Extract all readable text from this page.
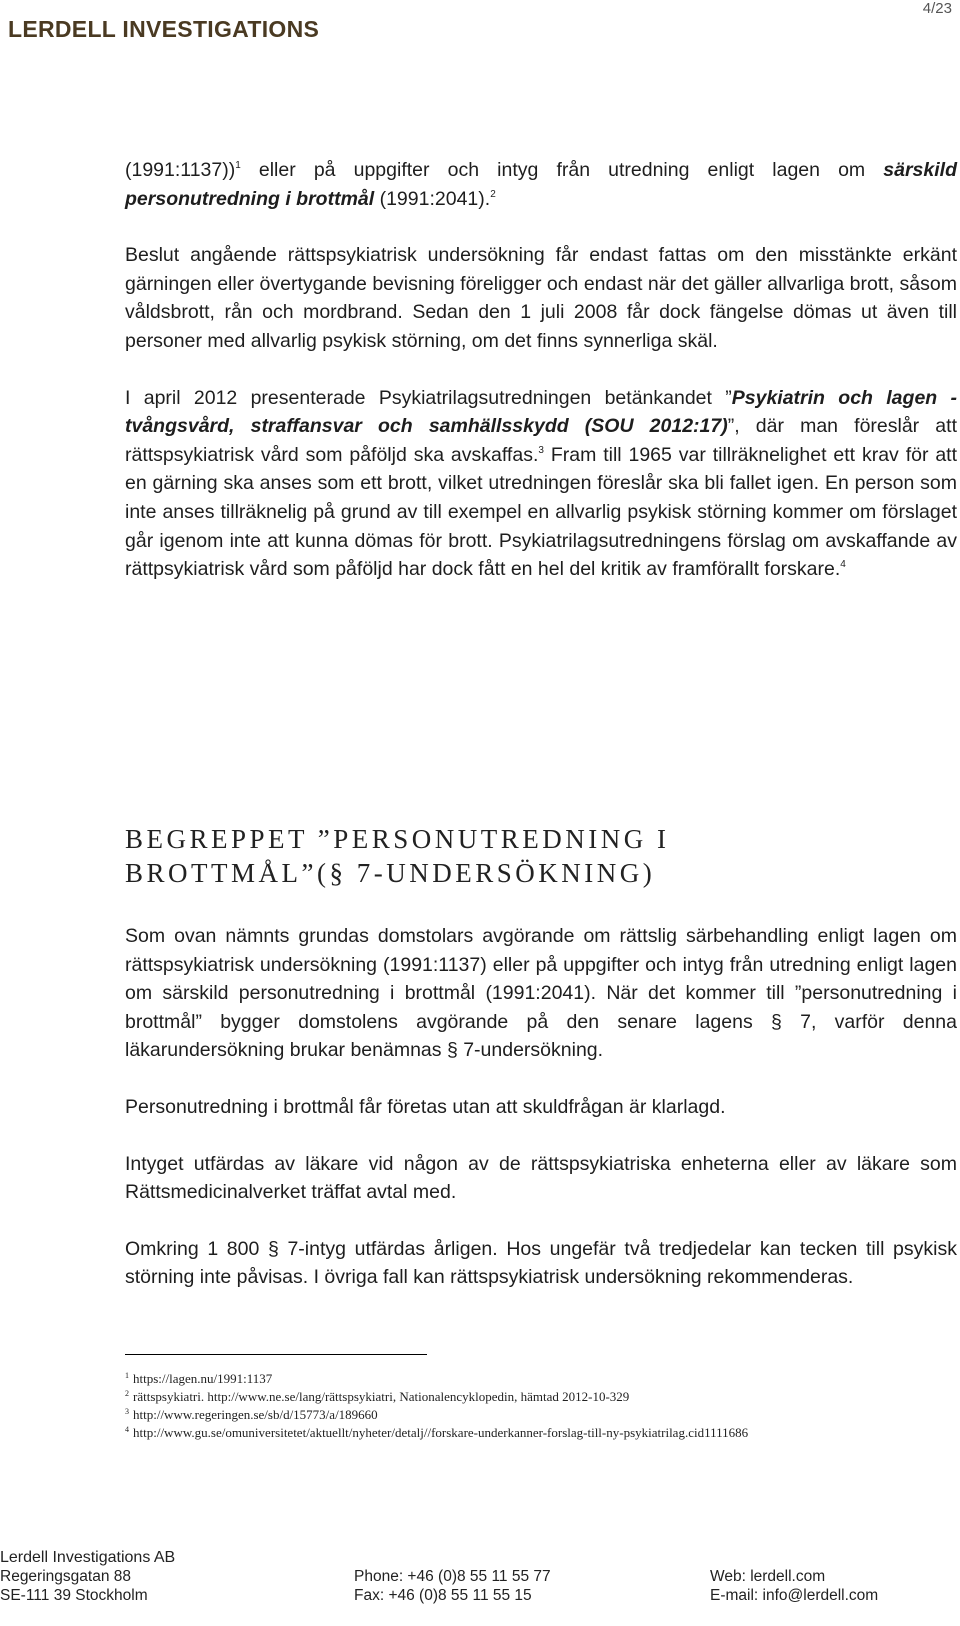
LERDELL INVESTIGATIONS
4/23

(1991:1137))$^1$ eller på uppgifter och intyg från utredning enligt lagen om särskild personutredning i brottmål (1991:2041).$^2$

Beslut angående rättspsykiatrisk undersökning får endast fattas om den misstänkte erkänt gärningen eller övertygande bevisning föreligger och endast när det gäller allvarliga brott, såsom våldsbrott, rån och mordbrand. Sedan den 1 juli 2008 får dock fängelse dömas ut även till personer med allvarlig psykisk störning, om det finns synnerliga skäl.

I april 2012 presenterade Psykiatrilagsutredningen betänkandet ”Psykiatrin och lagen - tvångsvård, straffansvar och samhällsskydd (SOU 2012:17)”, där man föreslår att rättspsykiatrisk vård som påföljd ska avskaffas.$^3$ Fram till 1965 var tillräknelighet ett krav för att en gärning ska anses som ett brott, vilket utredningen föreslår ska bli fallet igen. En person som inte anses tillräknelig på grund av till exempel en allvarlig psykisk störning kommer om förslaget går igenom inte att kunna dömas för brott. Psykiatrilagsutredningens förslag om avskaffande av rättpsykiatrisk vård som påföljd har dock fått en hel del kritik av framförallt forskare.$^4$

BEGREPPET ”PERSONUTREDNING I
BROTTMÅL”(§ 7-UNDERSÖKNING)

Som ovan nämnts grundas domstolars avgörande om rättslig särbehandling enligt lagen om rättspsykiatrisk undersökning (1991:1137) eller på uppgifter och intyg från utredning enligt lagen om särskild personutredning i brottmål (1991:2041). När det kommer till ”personutredning i brottmål” bygger domstolens avgörande på den senare lagens § 7, varför denna läkarundersökning brukar benämnas § 7-undersökning.

Personutredning i brottmål får företas utan att skuldfrågan är klarlagd.

Intyget utfärdas av läkare vid någon av de rättspsykiatriska enheterna eller av läkare som Rättsmedicinalverket träffat avtal med.

Omkring 1 800 § 7-intyg utfärdas årligen. Hos ungefär två tredjedelar kan tecken till psykisk störning inte påvisas. I övriga fall kan rättspsykiatrisk undersökning rekommenderas.

$^1$ https://lagen.nu/1991:1137
$^2$ rättspsykiatri. http://www.ne.se/lang/rättspsykiatri, Nationalencyklopedin, hämtad 2012-10-329
$^3$ http://www.regeringen.se/sb/d/15773/a/189660
$^4$ http://www.gu.se/omuniversitetet/aktuellt/nyheter/detalj//forskare-underkanner-forslag-till-ny-psykiatrilag.cid1111686
Lerdell Investigations AB
Regeringsgatan 88
SE-111 39 Stockholm
Phone: +46 (0)8 55 11 55 77
Fax: +46 (0)8 55 11 55 15
Web: lerdell.com
E-mail: info@lerdell.com
